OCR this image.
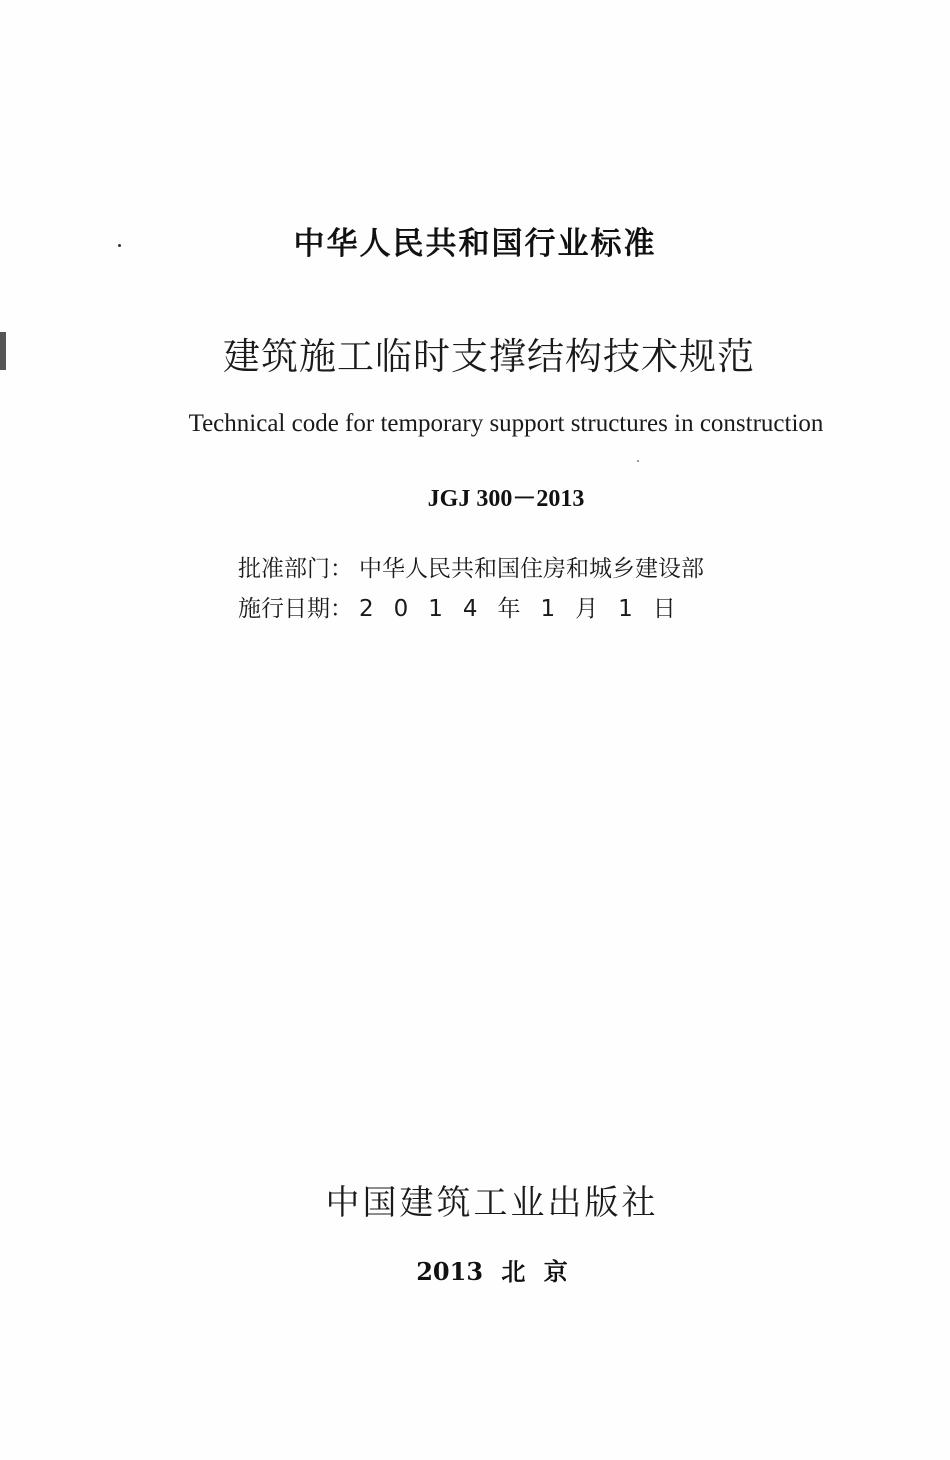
中华人民共和国行业标准
建筑施工临时支撑结构技术规范
Technical code for temporary support structures in construction
JGJ 300－2013
批准部门： 中华人民共和国住房和城乡建设部
施行日期： 2014年1月1日
中国建筑工业出版社
2013 北 京
